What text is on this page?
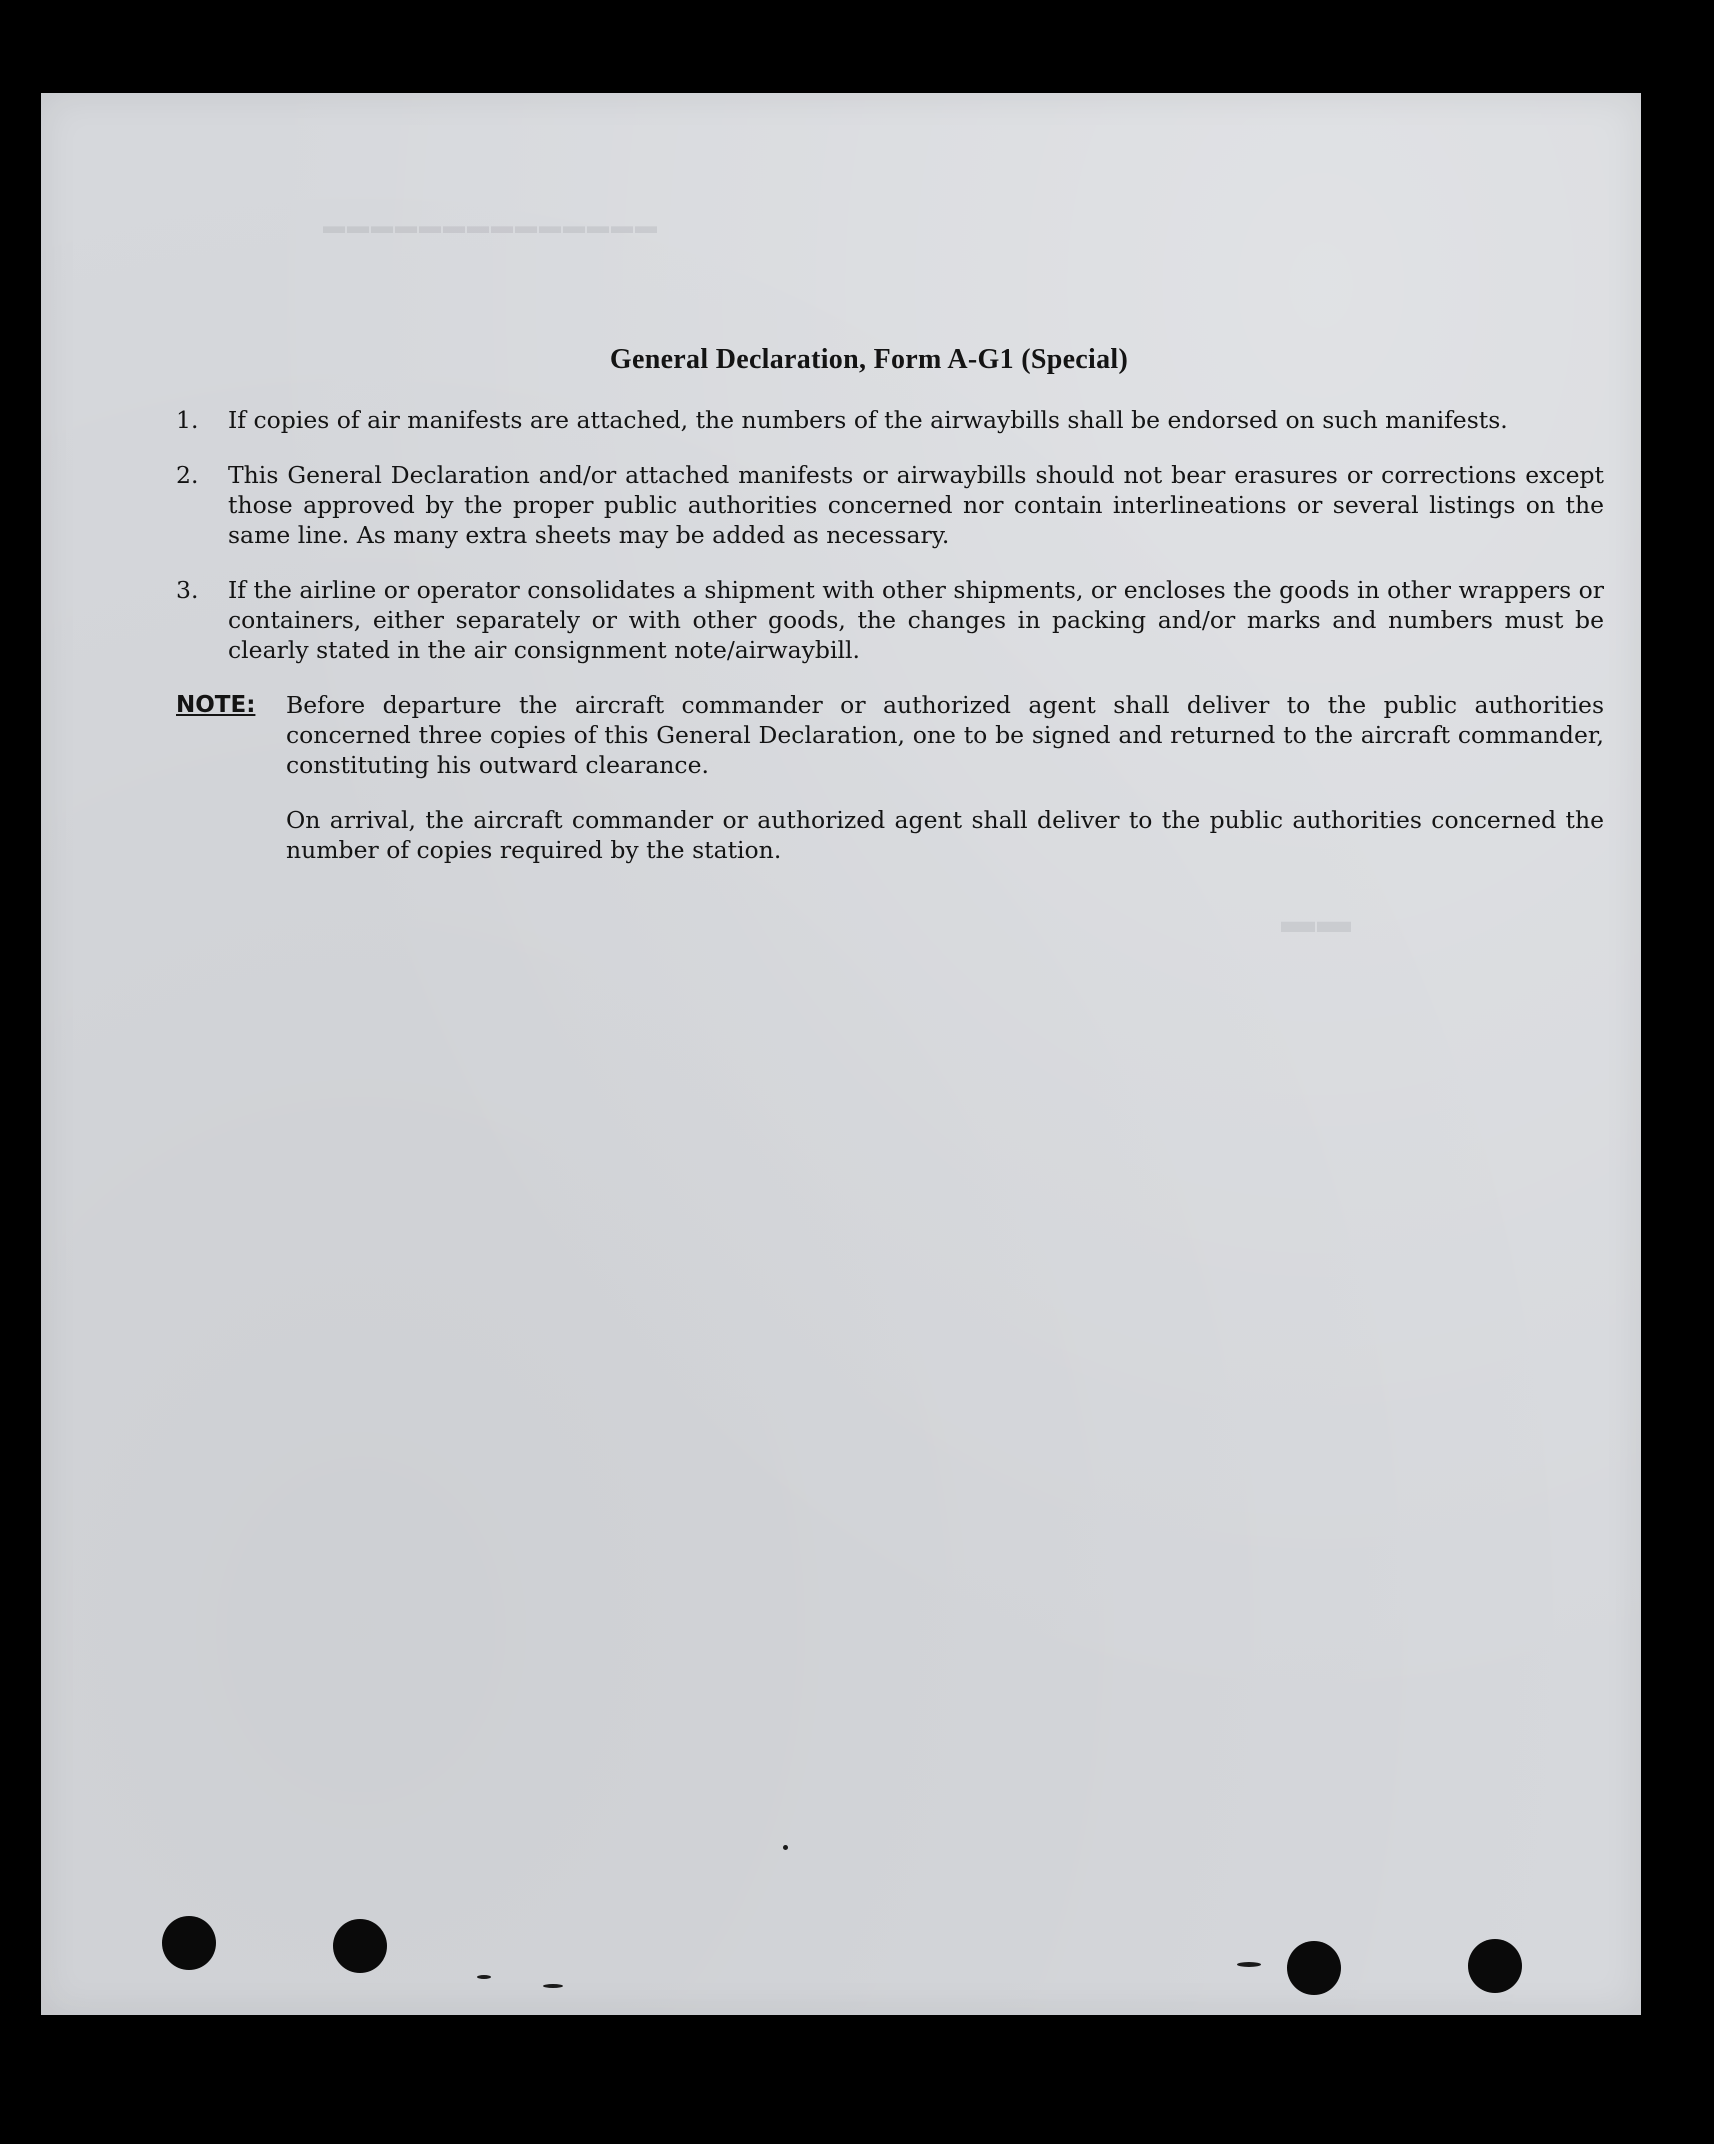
▬▬▬▬▬▬▬▬▬▬▬▬▬▬
▬▬
General Declaration, Form A-G1 (Special)
1.	If copies of air manifests are attached, the numbers of the airwaybills shall be endorsed on such manifests.
2.	This General Declaration and/or attached manifests or airwaybills should not bear erasures or corrections except those approved by the proper public authorities concerned nor contain interlineations or several listings on the same line. As many extra sheets may be added as necessary.
3.	If the airline or operator consolidates a shipment with other shipments, or encloses the goods in other wrappers or containers, either separately or with other goods, the changes in packing and/or marks and numbers must be clearly stated in the air consignment note/airwaybill.
NOTE:	Before departure the aircraft commander or authorized agent shall deliver to the public authorities concerned three copies of this General Declaration, one to be signed and returned to the aircraft commander, constituting his outward clearance.

On arrival, the aircraft commander or authorized agent shall deliver to the public authorities concerned the number of copies required by the station.
